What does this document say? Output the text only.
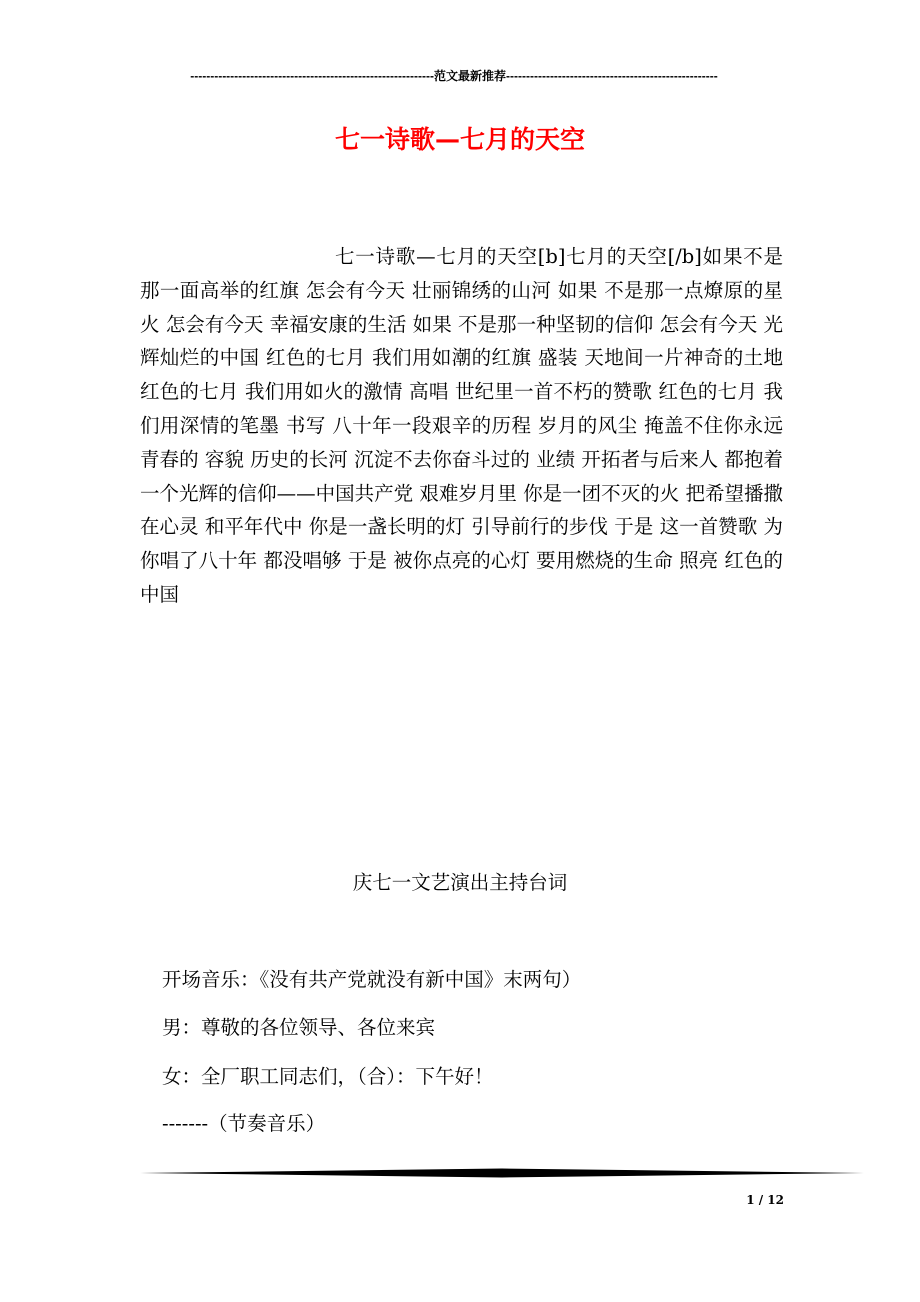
-------------------------------------------------------------范文最新推荐-----------------------------------------------------
七一诗歌—七月的天空

七一诗歌—七月的天空[b]七月的天空[/b]如果不是那一面高举的红旗 怎会有今天 壮丽锦绣的山河 如果 不是那一点燎原的星火 怎会有今天 幸福安康的生活 如果 不是那一种坚韧的信仰 怎会有今天 光辉灿烂的中国 红色的七月 我们用如潮的红旗 盛装 天地间一片神奇的土地 红色的七月 我们用如火的激情 高唱 世纪里一首不朽的赞歌 红色的七月 我们用深情的笔墨 书写 八十年一段艰辛的历程 岁月的风尘 掩盖不住你永远青春的 容貌 历史的长河 沉淀不去你奋斗过的 业绩 开拓者与后来人 都抱着一个光辉的信仰——中国共产党 艰难岁月里 你是一团不灭的火 把希望播撒在心灵 和平年代中 你是一盏长明的灯 引导前行的步伐 于是 这一首赞歌 为你唱了八十年 都没唱够 于是 被你点亮的心灯 要用燃烧的生命 照亮 红色的中国

庆七一文艺演出主持台词
开场音乐：《没有共产党就没有新中国》末两句）
男：尊敬的各位领导、各位来宾
女：全厂职工同志们，（合）：下午好！
-------（节奏音乐）
1 / 12
